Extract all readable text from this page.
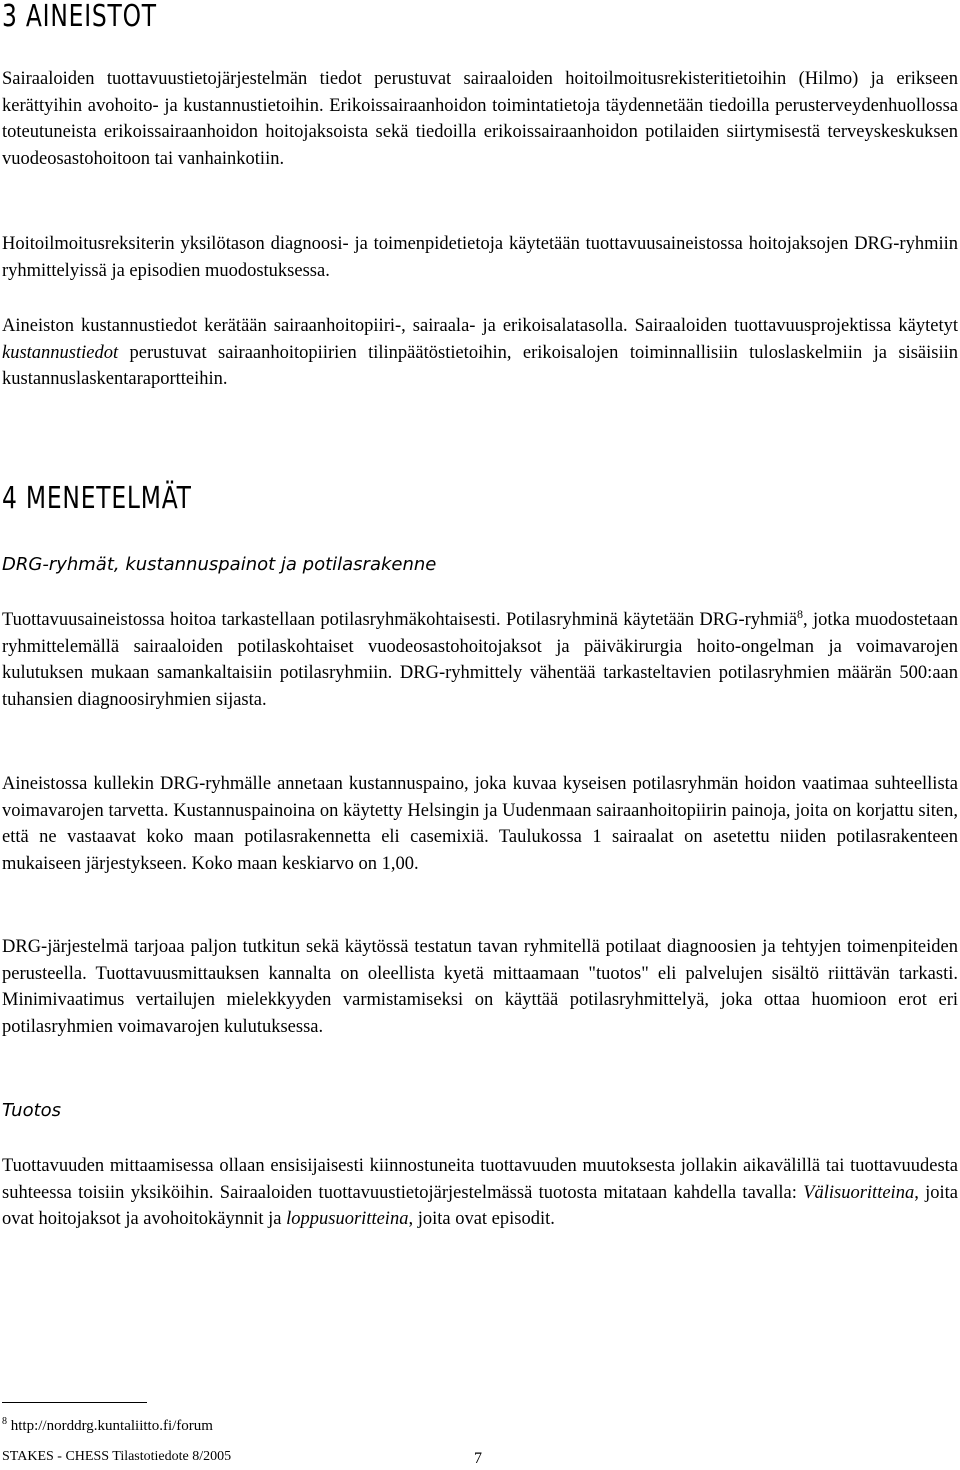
3 AINEISTOT

Sairaaloiden tuottavuustietojärjestelmän tiedot perustuvat sairaaloiden hoitoilmoitusrekisteritietoihin (Hilmo) ja erikseen kerättyihin avohoito- ja kustannustietoihin. Erikoissairaanhoidon toimintatietoja täydennetään tiedoilla perusterveydenhuollossa toteutuneista erikoissairaanhoidon hoitojaksoista sekä tiedoilla erikoissairaanhoidon potilaiden siirtymisestä terveyskeskuksen vuodeosastohoitoon tai vanhainkotiin.

Hoitoilmoitusreksiterin yksilötason diagnoosi- ja toimenpidetietoja käytetään tuottavuusaineistossa hoitojaksojen DRG-ryhmiin ryhmittelyissä ja episodien muodostuksessa.

Aineiston kustannustiedot kerätään sairaanhoitopiiri-, sairaala- ja erikoisalatasolla. Sairaaloiden tuottavuusprojektissa käytetyt kustannustiedot perustuvat sairaanhoitopiirien tilinpäätöstietoihin, erikoisalojen toiminnallisiin tuloslaskelmiin ja sisäisiin kustannuslaskentaraportteihin.

4 MENETELMÄT
DRG-ryhmät, kustannuspainot ja potilasrakenne

Tuottavuusaineistossa hoitoa tarkastellaan potilasryhmäkohtaisesti. Potilasryhminä käytetään DRG-ryhmiä$^8$, jotka muodostetaan ryhmittelemällä sairaaloiden potilaskohtaiset vuodeosastohoitojaksot ja päiväkirurgia hoito-ongelman ja voimavarojen kulutuksen mukaan samankaltaisiin potilasryhmiin. DRG-ryhmittely vähentää tarkasteltavien potilasryhmien määrän 500:aan tuhansien diagnoosiryhmien sijasta.

Aineistossa kullekin DRG-ryhmälle annetaan kustannuspaino, joka kuvaa kyseisen potilasryhmän hoidon vaatimaa suhteellista voimavarojen tarvetta. Kustannuspainoina on käytetty Helsingin ja Uudenmaan sairaanhoitopiirin painoja, joita on korjattu siten, että ne vastaavat koko maan potilasrakennetta eli casemixiä. Taulukossa 1 sairaalat on asetettu niiden potilasrakenteen mukaiseen järjestykseen. Koko maan keskiarvo on 1,00.

DRG-järjestelmä tarjoaa paljon tutkitun sekä käytössä testatun tavan ryhmitellä potilaat diagnoosien ja tehtyjen toimenpiteiden perusteella. Tuottavuusmittauksen kannalta on oleellista kyetä mittaamaan "tuotos" eli palvelujen sisältö riittävän tarkasti. Minimivaatimus vertailujen mielekkyyden varmistamiseksi on käyttää potilasryhmittelyä, joka ottaa huomioon erot eri potilasryhmien voimavarojen kulutuksessa.

Tuotos

Tuottavuuden mittaamisessa ollaan ensisijaisesti kiinnostuneita tuottavuuden muutoksesta jollakin aikavälillä tai tuottavuudesta suhteessa toisiin yksiköihin. Sairaaloiden tuottavuustietojärjestelmässä tuotosta mitataan kahdella tavalla: Välisuoritteina, joita ovat hoitojaksot ja avohoitokäynnit ja loppusuoritteina, joita ovat episodit.

$^8$ http://norddrg.kuntaliitto.fi/forum
STAKES - CHESS Tilastotiedote 8/2005	7
